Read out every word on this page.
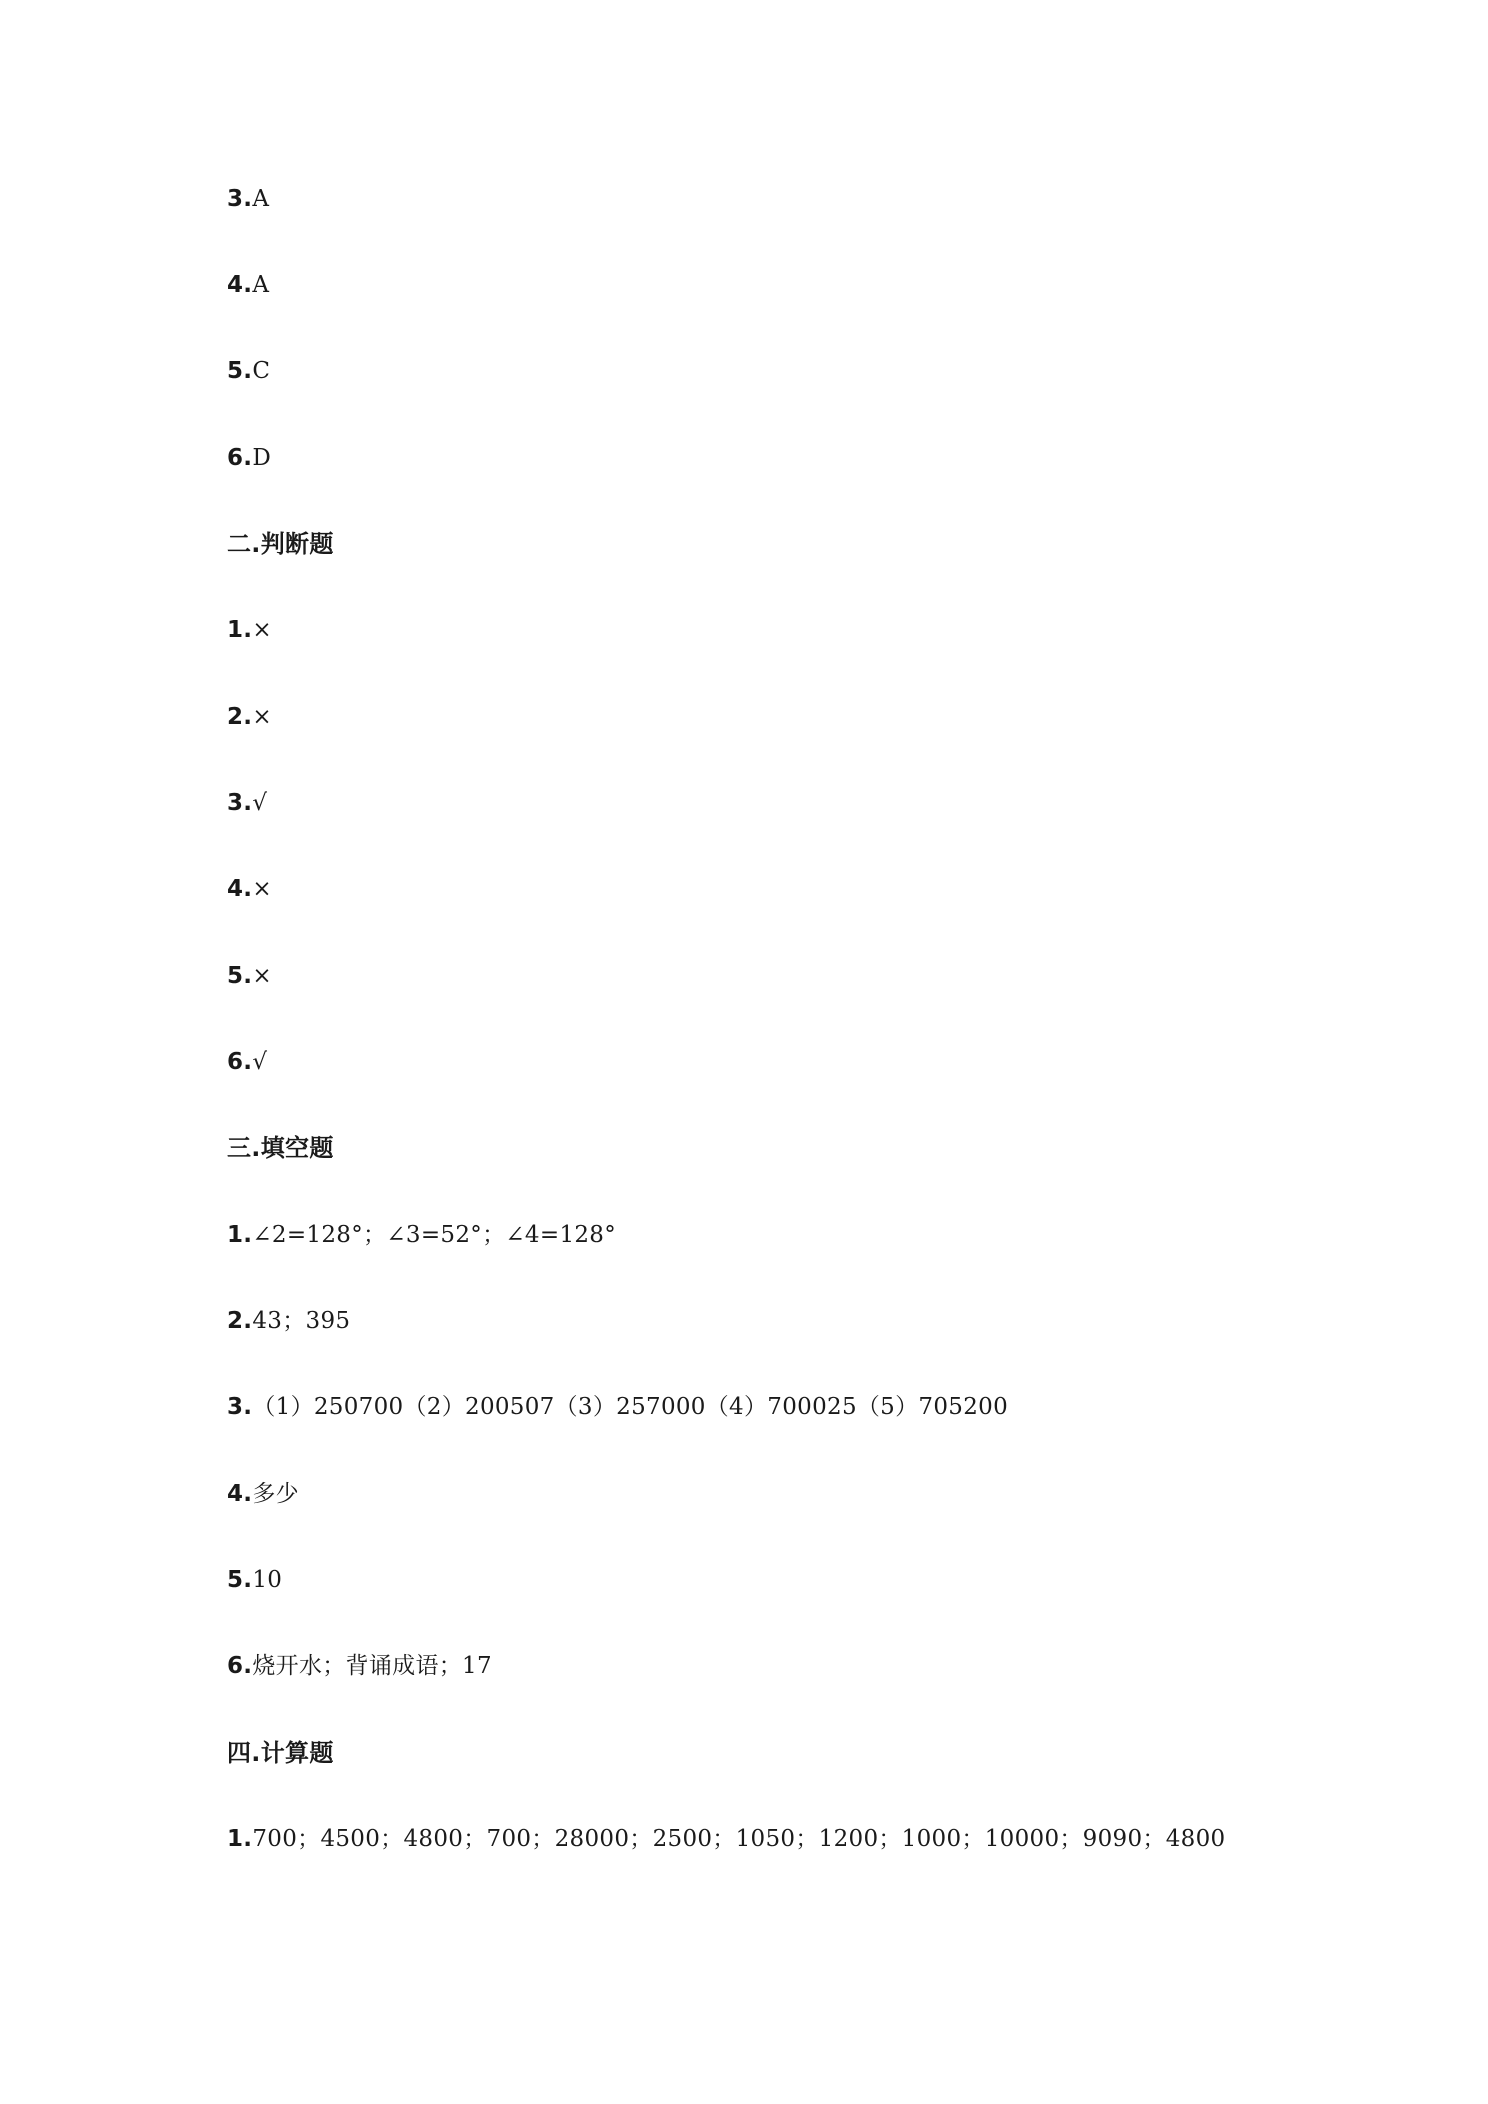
3.A
4.A
5.C
6.D
二.判断题
1.×
2.×
3.√
4.×
5.×
6.√
三.填空题
1.∠2=128°；∠3=52°；∠4=128°
2.43；395
3.（1）250700（2）200507（3）257000（4）700025（5）705200
4.多少
5.10
6.烧开水；背诵成语；17
四.计算题
1.700；4500；4800；700；28000；2500；1050；1200；1000；10000；9090；4800
